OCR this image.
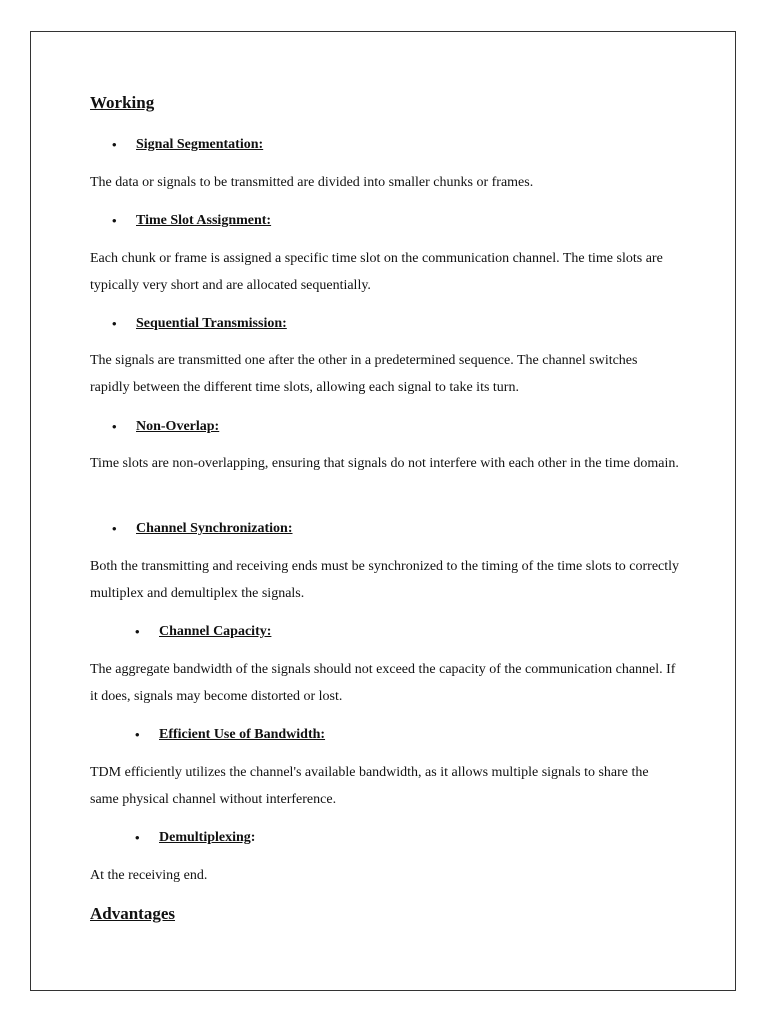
Working
• Signal Segmentation:
The data or signals to be transmitted are divided into smaller chunks or frames.
• Time Slot Assignment:
Each chunk or frame is assigned a specific time slot on the communication channel. The time slots are typically very short and are allocated sequentially.
• Sequential Transmission:
The signals are transmitted one after the other in a predetermined sequence. The channel switches rapidly between the different time slots, allowing each signal to take its turn.
• Non-Overlap:
Time slots are non-overlapping, ensuring that signals do not interfere with each other in the time domain.
• Channel Synchronization:
Both the transmitting and receiving ends must be synchronized to the timing of the time slots to correctly multiplex and demultiplex the signals.
• Channel Capacity:
The aggregate bandwidth of the signals should not exceed the capacity of the communication channel. If it does, signals may become distorted or lost.
• Efficient Use of Bandwidth:
TDM efficiently utilizes the channel's available bandwidth, as it allows multiple signals to share the same physical channel without interference.
• Demultiplexing :
At the receiving end.
Advantages
